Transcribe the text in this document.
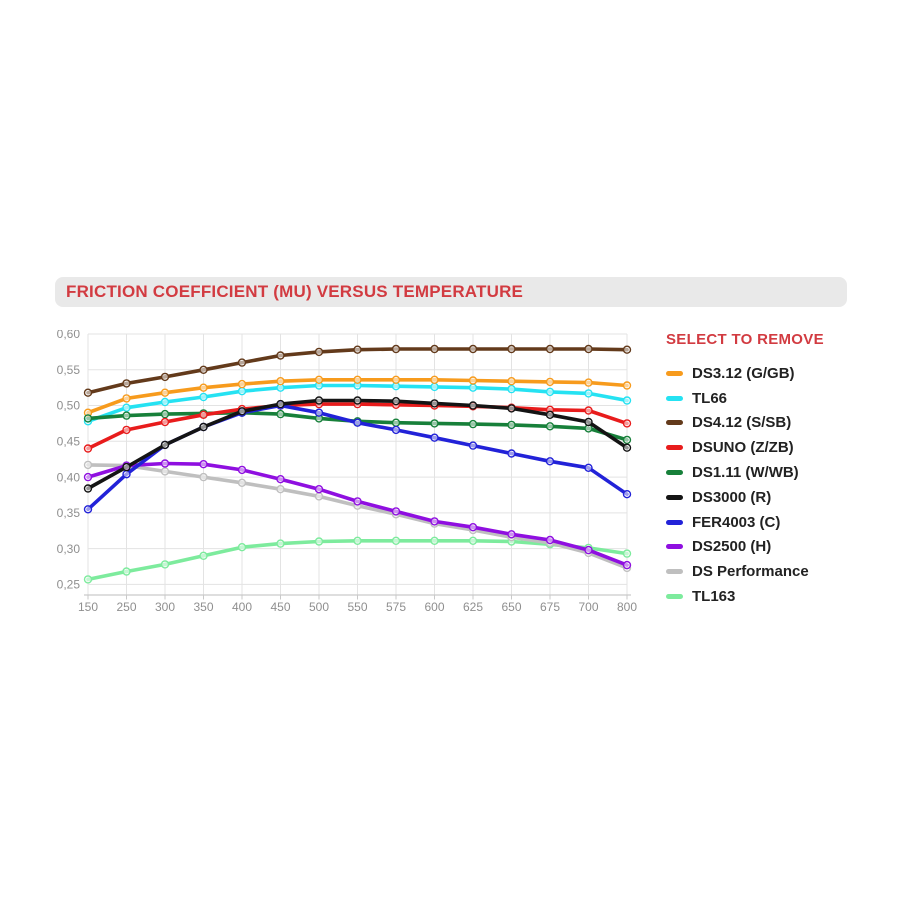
FRICTION COEFFICIENT (MU) VERSUS TEMPERATURE
0,60
0,55
0,50
0,45
0,40
0,35
0,30
0,25
150 250 300 350 400 450 500 550 575 600 625 650 675 700 800

SELECT TO REMOVE

DS3.12 (G/GB)
TL66
DS4.12 (S/SB)
DSUNO (Z/ZB)
DS1.11 (W/WB)
DS3000 (R)
FER4003 (C)
DS2500 (H)
DS Performance
TL163
